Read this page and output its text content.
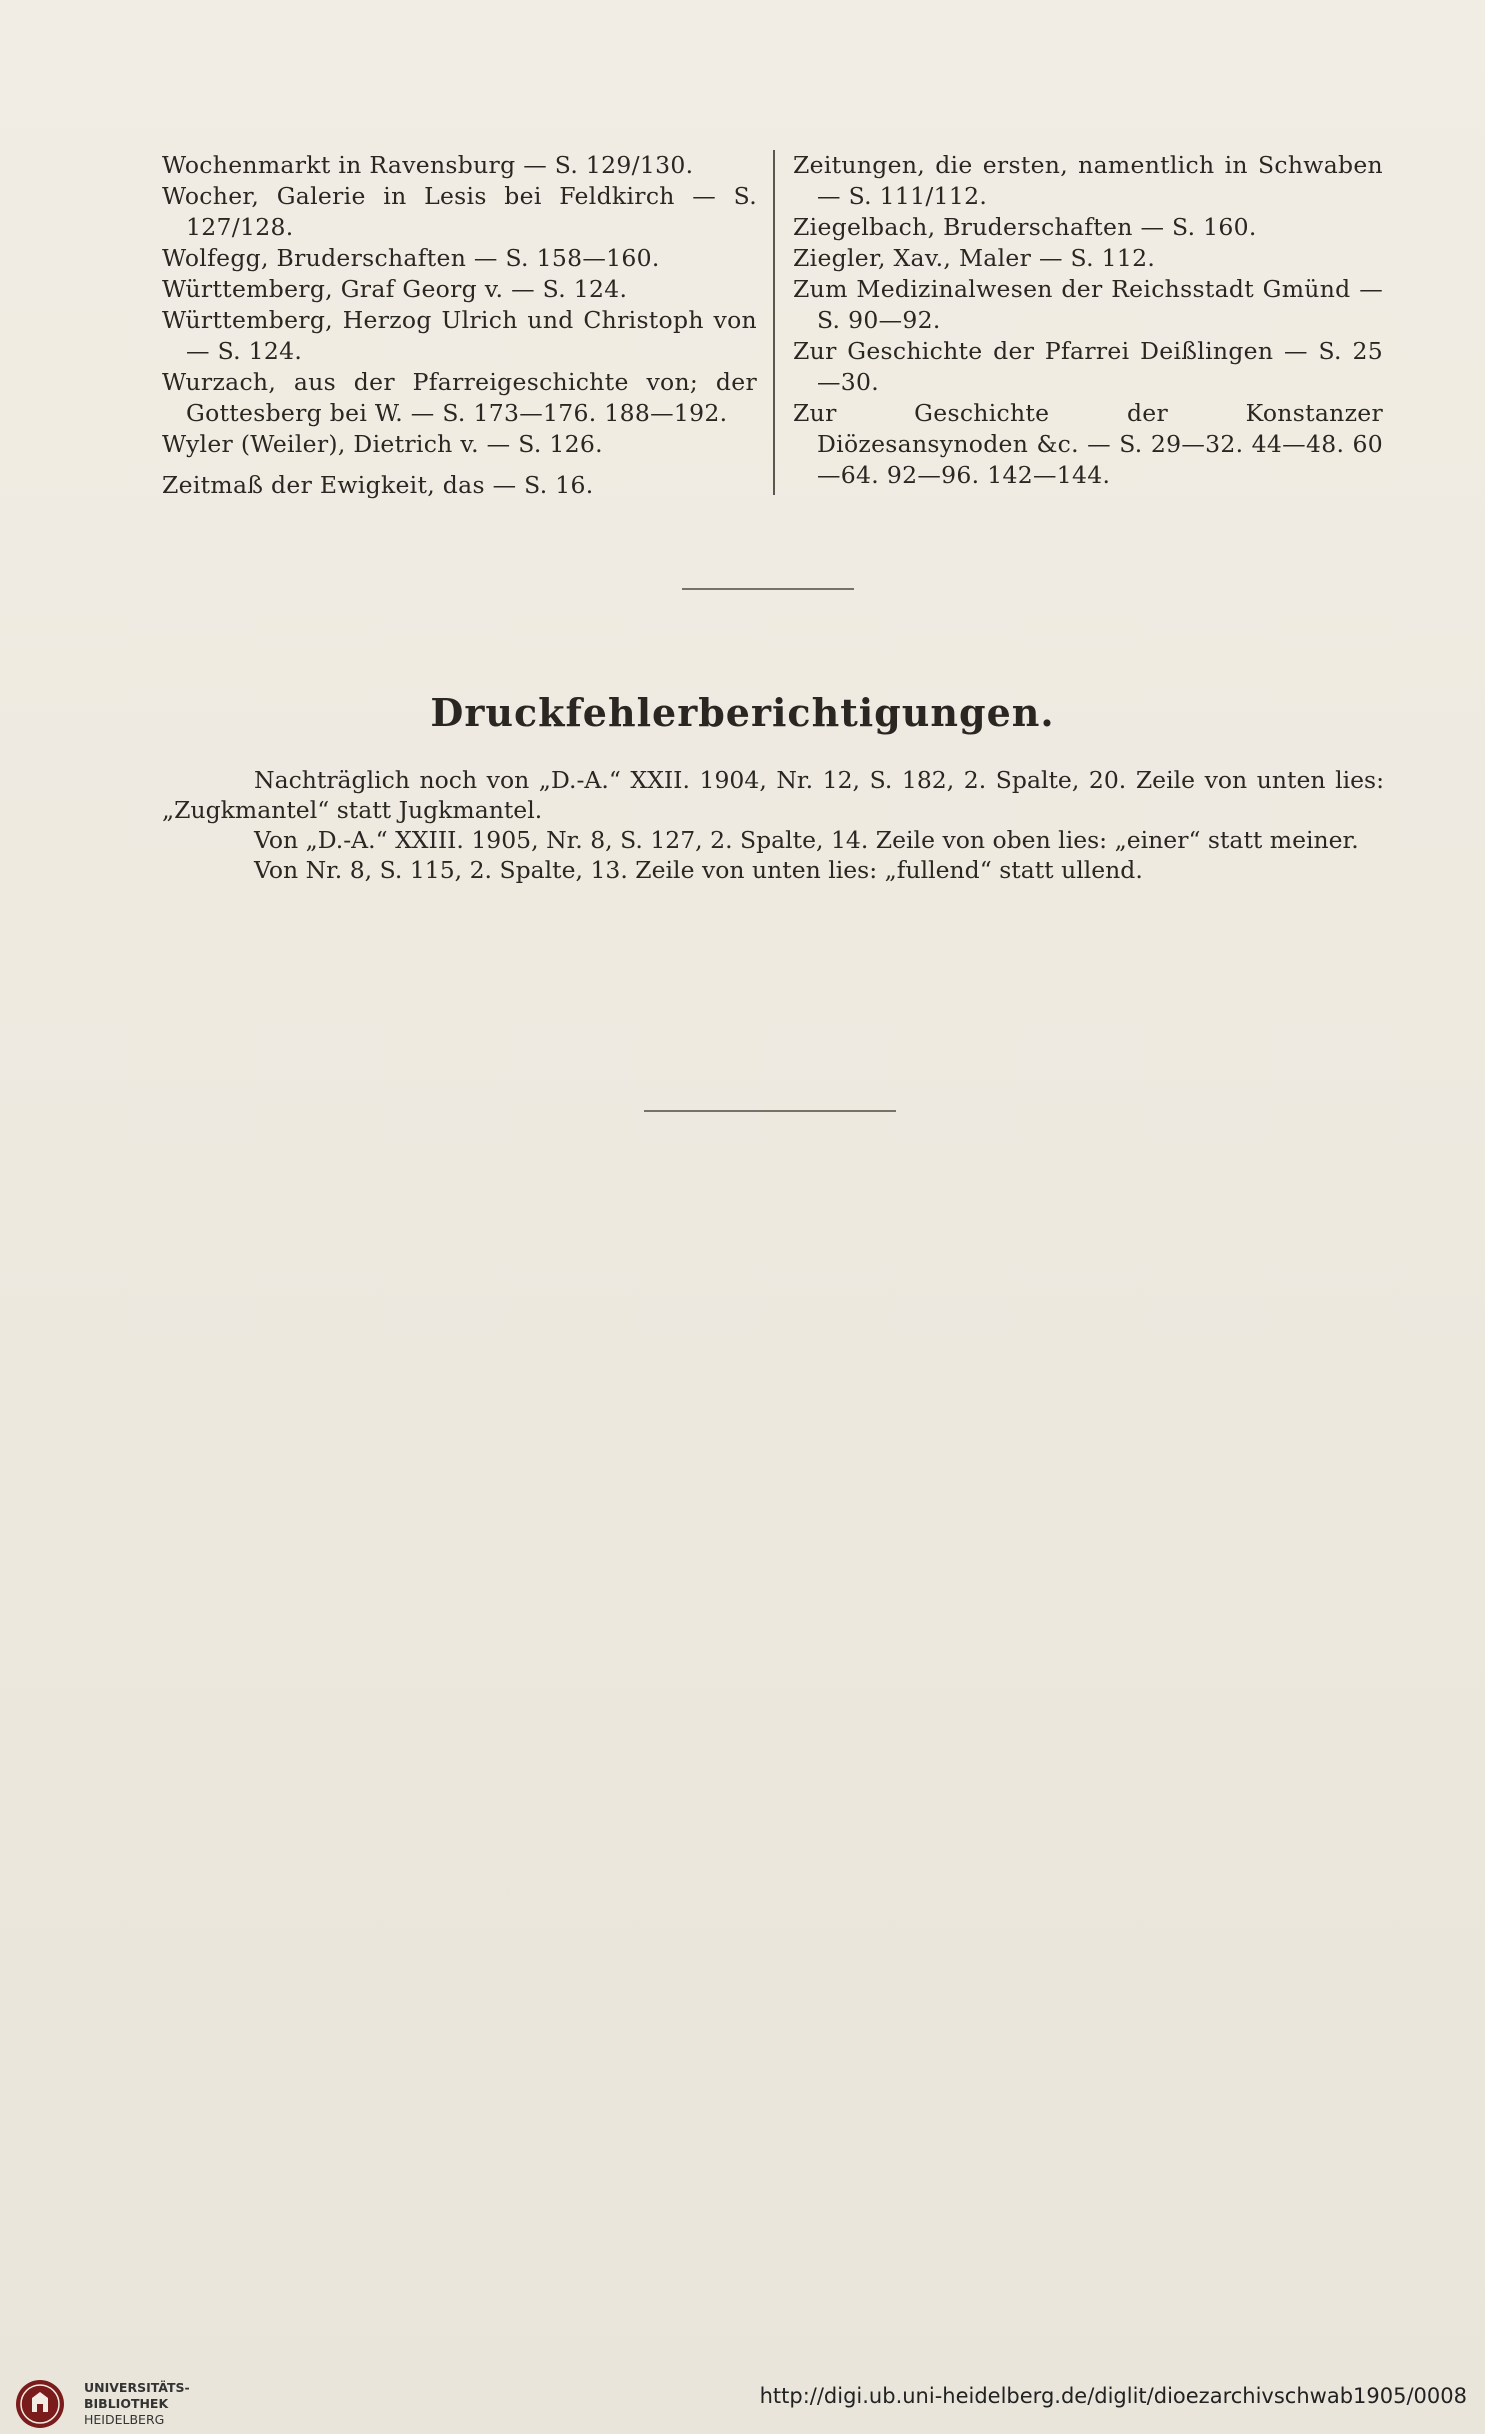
Wochenmarkt in Ravensburg — S. 129/130.

Wocher, Galerie in Lesis bei Feldkirch — S. 127/128.

Wolfegg, Bruderschaften — S. 158—160.

Württemberg, Graf Georg v. — S. 124.

Württemberg, Herzog Ulrich und Christoph von — S. 124.

Wurzach, aus der Pfarreigeschichte von; der Gottesberg bei W. — S. 173—176. 188—192.

Wyler (Weiler), Dietrich v. — S. 126.

Zeitmaß der Ewigkeit, das — S. 16.

Zeitungen, die ersten, namentlich in Schwaben — S. 111/112.

Ziegelbach, Bruderschaften — S. 160.

Ziegler, Xav., Maler — S. 112.

Zum Medizinalwesen der Reichsstadt Gmünd — S. 90—92.

Zur Geschichte der Pfarrei Deißlingen — S. 25—30.

Zur Geschichte der Konstanzer Diözesansynoden &c. — S. 29—32. 44—48. 60—64. 92—96. 142—144.

Druckfehlerberichtigungen.

Nachträglich noch von „D.-A.“ XXII. 1904, Nr. 12, S. 182, 2. Spalte, 20. Zeile von unten lies: „Zugkmantel“ statt Jugkmantel.

Von „D.-A.“ XXIII. 1905, Nr. 8, S. 127, 2. Spalte, 14. Zeile von oben lies: „einer“ statt meiner.

Von Nr. 8, S. 115, 2. Spalte, 13. Zeile von unten lies: „fullend“ statt ullend.

UNIVERSITÄTS-
BIBLIOTHEK
HEIDELBERG
http://digi.ub.uni-heidelberg.de/diglit/dioezarchivschwab1905/0008
